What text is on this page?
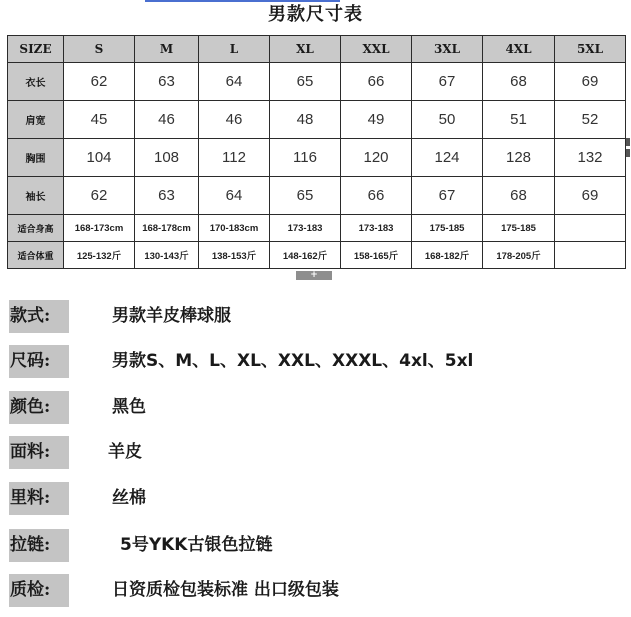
男款尺寸表
SIZE	S	M	L	XL	XXL	3XL	4XL	5XL
衣长	62	63	64	65	66	67	68	69
肩宽	45	46	46	48	49	50	51	52
胸围	104	108	112	116	120	124	128	132
袖长	62	63	64	65	66	67	68	69
适合身高	168-173cm	168-178cm	170-183cm	173-183	173-183	175-185	175-185	
适合体重	125-132斤	130-143斤	138-153斤	148-162斤	158-165斤	168-182斤	178-205斤	
+
款式:	男款羊皮棒球服
尺码:	男款S、M、L、XL、XXL、XXXL、4xl、5xl
颜色:	黑色
面料:	羊皮
里料:	丝棉
拉链:	5号YKK古银色拉链
质检:	日资质检包装标准 出口级包装
